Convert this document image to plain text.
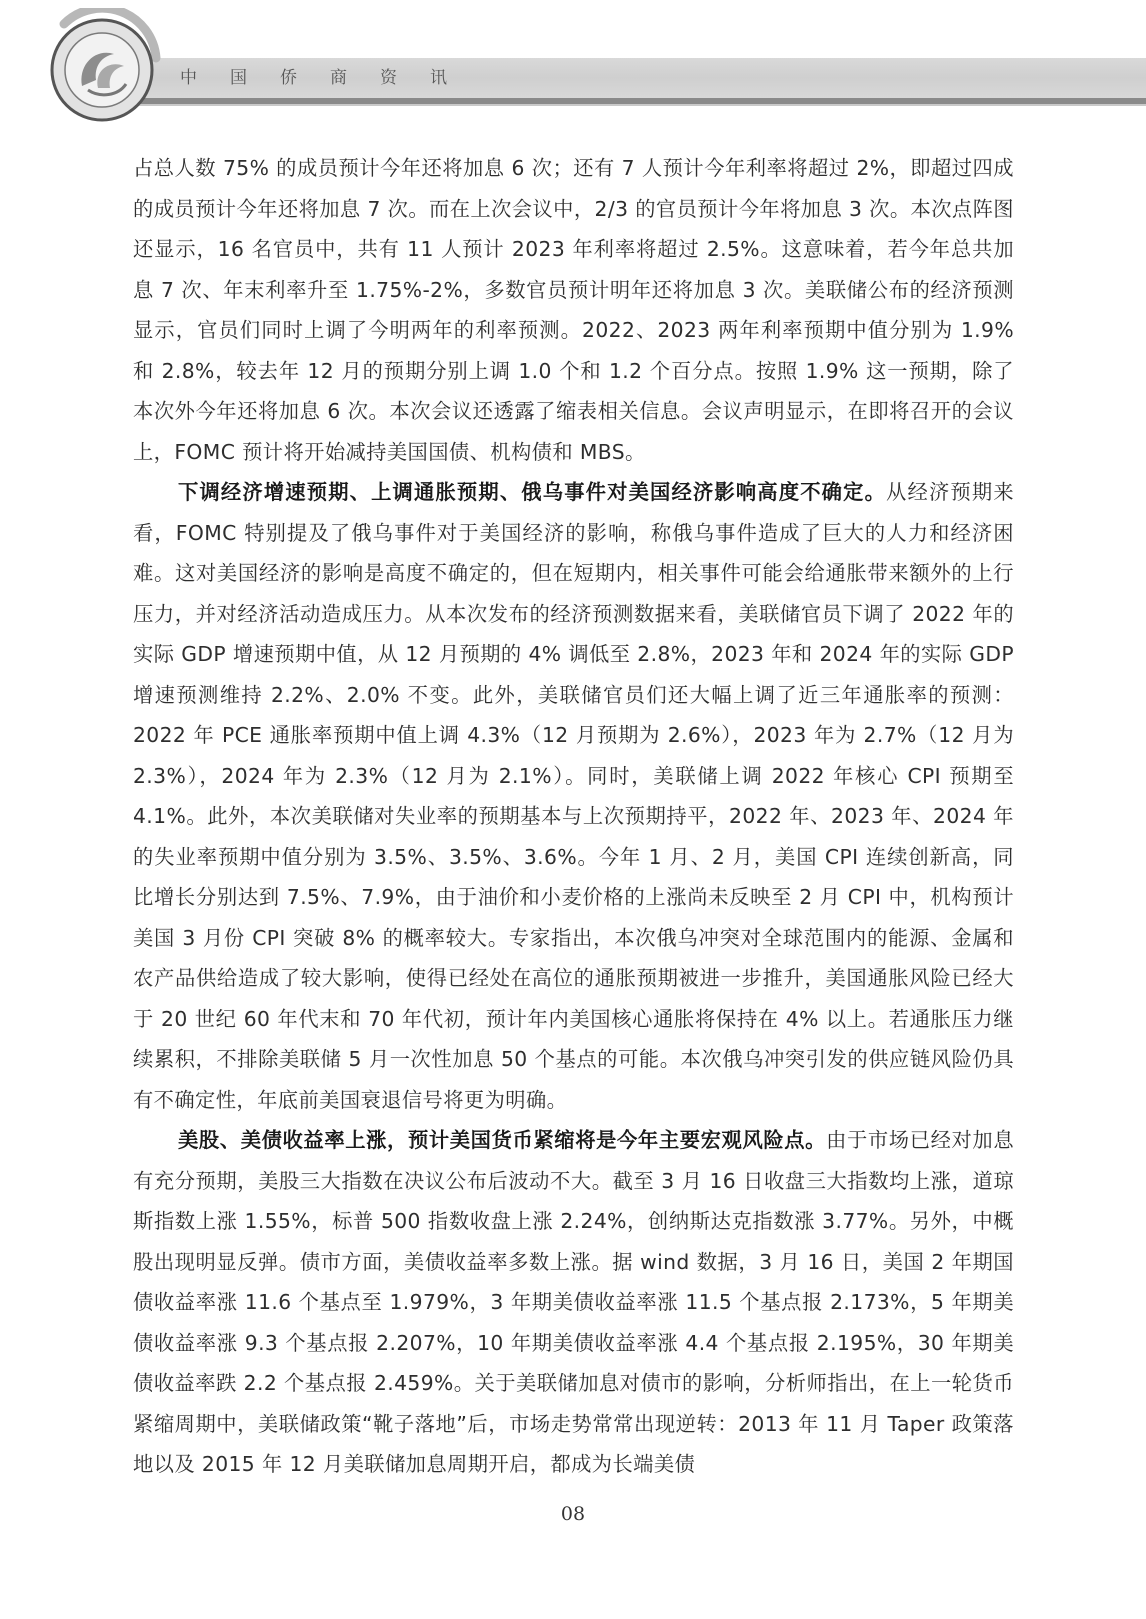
中国侨商资讯

占总人数 75% 的成员预计今年还将加息 6 次；还有 7 人预计今年利率将超过 2%，即超过四成的成员预计今年还将加息 7 次。而在上次会议中，2/3 的官员预计今年将加息 3 次。本次点阵图还显示，16 名官员中，共有 11 人预计 2023 年利率将超过 2.5%。这意味着，若今年总共加息 7 次、年末利率升至 1.75%-2%，多数官员预计明年还将加息 3 次。美联储公布的经济预测显示，官员们同时上调了今明两年的利率预测。2022、2023 两年利率预期中值分别为 1.9% 和 2.8%，较去年 12 月的预期分别上调 1.0 个和 1.2 个百分点。按照 1.9% 这一预期，除了本次外今年还将加息 6 次。本次会议还透露了缩表相关信息。会议声明显示，在即将召开的会议上，FOMC 预计将开始减持美国国债、机构债和 MBS。

下调经济增速预期、上调通胀预期、俄乌事件对美国经济影响高度不确定。从经济预期来看，FOMC 特别提及了俄乌事件对于美国经济的影响，称俄乌事件造成了巨大的人力和经济困难。这对美国经济的影响是高度不确定的，但在短期内，相关事件可能会给通胀带来额外的上行压力，并对经济活动造成压力。从本次发布的经济预测数据来看，美联储官员下调了 2022 年的实际 GDP 增速预期中值，从 12 月预期的 4% 调低至 2.8%，2023 年和 2024 年的实际 GDP 增速预测维持 2.2%、2.0% 不变。此外，美联储官员们还大幅上调了近三年通胀率的预测：2022 年 PCE 通胀率预期中值上调 4.3%（12 月预期为 2.6%），2023 年为 2.7%（12 月为 2.3%），2024 年为 2.3%（12 月为 2.1%）。同时，美联储上调 2022 年核心 CPI 预期至 4.1%。此外，本次美联储对失业率的预期基本与上次预期持平，2022 年、2023 年、2024 年的失业率预期中值分别为 3.5%、3.5%、3.6%。今年 1 月、2 月，美国 CPI 连续创新高，同比增长分别达到 7.5%、7.9%，由于油价和小麦价格的上涨尚未反映至 2 月 CPI 中，机构预计美国 3 月份 CPI 突破 8% 的概率较大。专家指出，本次俄乌冲突对全球范围内的能源、金属和农产品供给造成了较大影响，使得已经处在高位的通胀预期被进一步推升，美国通胀风险已经大于 20 世纪 60 年代末和 70 年代初，预计年内美国核心通胀将保持在 4% 以上。若通胀压力继续累积，不排除美联储 5 月一次性加息 50 个基点的可能。本次俄乌冲突引发的供应链风险仍具有不确定性，年底前美国衰退信号将更为明确。

美股、美债收益率上涨，预计美国货币紧缩将是今年主要宏观风险点。由于市场已经对加息有充分预期，美股三大指数在决议公布后波动不大。截至 3 月 16 日收盘三大指数均上涨，道琼斯指数上涨 1.55%，标普 500 指数收盘上涨 2.24%，创纳斯达克指数涨 3.77%。另外，中概股出现明显反弹。债市方面，美债收益率多数上涨。据 wind 数据，3 月 16 日，美国 2 年期国债收益率涨 11.6 个基点至 1.979%，3 年期美债收益率涨 11.5 个基点报 2.173%，5 年期美债收益率涨 9.3 个基点报 2.207%，10 年期美债收益率涨 4.4 个基点报 2.195%，30 年期美债收益率跌 2.2 个基点报 2.459%。关于美联储加息对债市的影响，分析师指出，在上一轮货币紧缩周期中，美联储政策“靴子落地”后，市场走势常常出现逆转：2013 年 11 月 Taper 政策落地以及 2015 年 12 月美联储加息周期开启，都成为长端美债

08
